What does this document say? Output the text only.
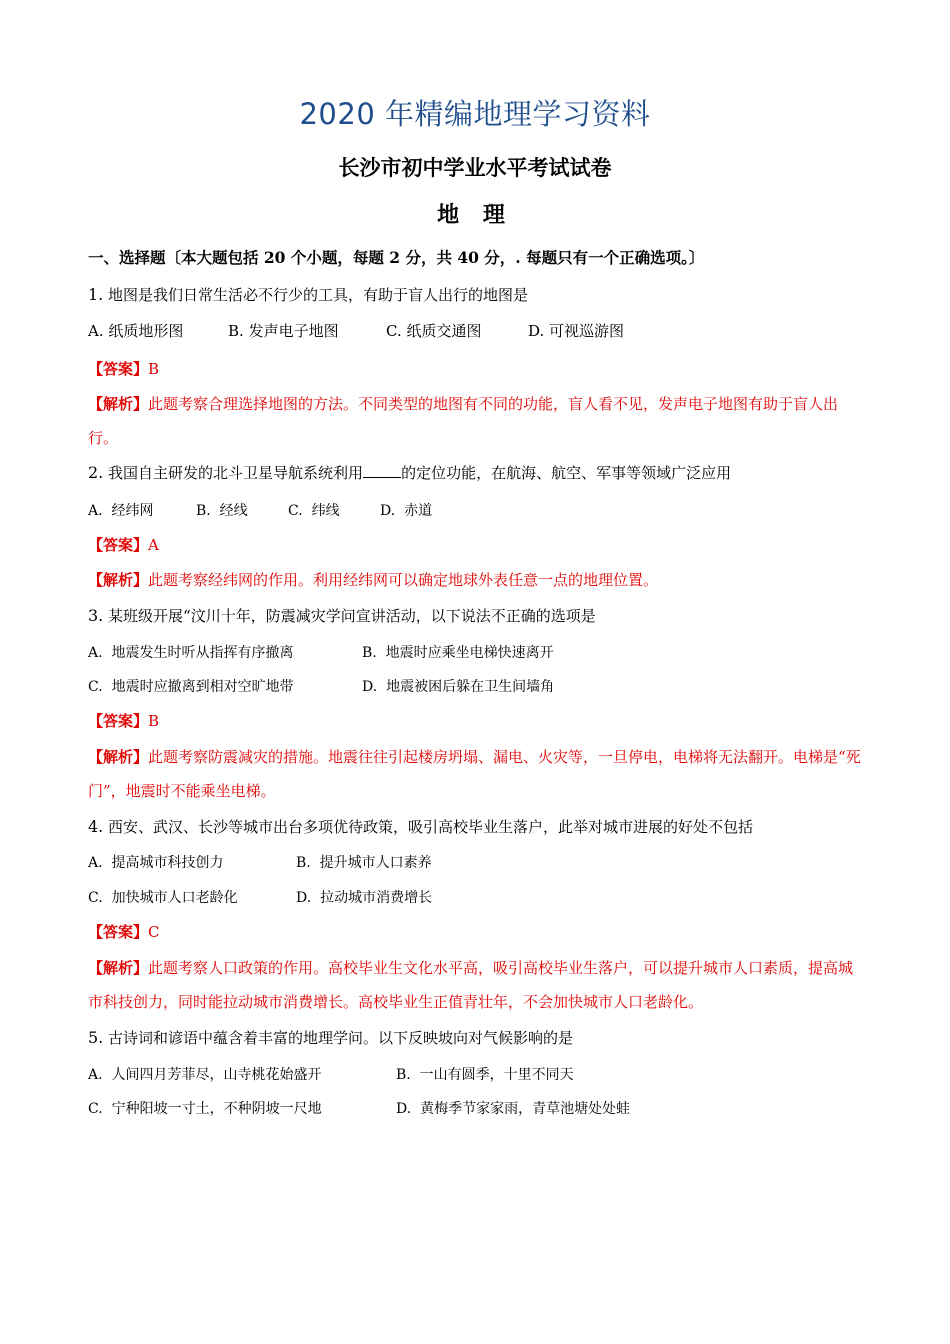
2020 年精编地理学习资料
长沙市初中学业水平考试试卷
地 理
一、选择题〔本大题包括 20 个小题，每题 2 分，共 40 分，. 每题只有一个正确选项。〕
1. 地图是我们日常生活必不行少的工具，有助于盲人出行的地图是
A. 纸质地形图	B. 发声电子地图	C. 纸质交通图	D. 可视巡游图
【答案】B
【解析】此题考察合理选择地图的方法。不同类型的地图有不同的功能，盲人看不见，发声电子地图有助于盲人出行。
2. 我国自主研发的北斗卫星导航系统利用	的定位功能，在航海、航空、军事等领域广泛应用
A. 经纬网	B. 经线	C. 纬线	D. 赤道
【答案】A
【解析】此题考察经纬网的作用。利用经纬网可以确定地球外表任意一点的地理位置。
3. 某班级开展“汶川十年，防震减灾学问宣讲活动，以下说法不正确的选项是
A. 地震发生时听从指挥有序撤离	B. 地震时应乘坐电梯快速离开
C. 地震时应撤离到相对空旷地带	D. 地震被困后躲在卫生间墙角
【答案】B
【解析】此题考察防震减灾的措施。地震往往引起楼房坍塌、漏电、火灾等，一旦停电，电梯将无法翻开。电梯是“死门”，地震时不能乘坐电梯。
4. 西安、武汉、长沙等城市出台多项优待政策，吸引高校毕业生落户，此举对城市进展的好处不包括
A. 提高城市科技创力	B. 提升城市人口素养
C. 加快城市人口老龄化	D. 拉动城市消费增长
【答案】C
【解析】此题考察人口政策的作用。高校毕业生文化水平高，吸引高校毕业生落户，可以提升城市人口素质，提高城市科技创力，同时能拉动城市消费增长。高校毕业生正值青壮年，不会加快城市人口老龄化。
5. 古诗词和谚语中蕴含着丰富的地理学问。以下反映坡向对气候影响的是
A. 人间四月芳菲尽，山寺桃花始盛开	B. 一山有圆季，十里不同天
C. 宁种阳坡一寸土，不种阴坡一尺地	D. 黄梅季节家家雨，青草池塘处处蛙
